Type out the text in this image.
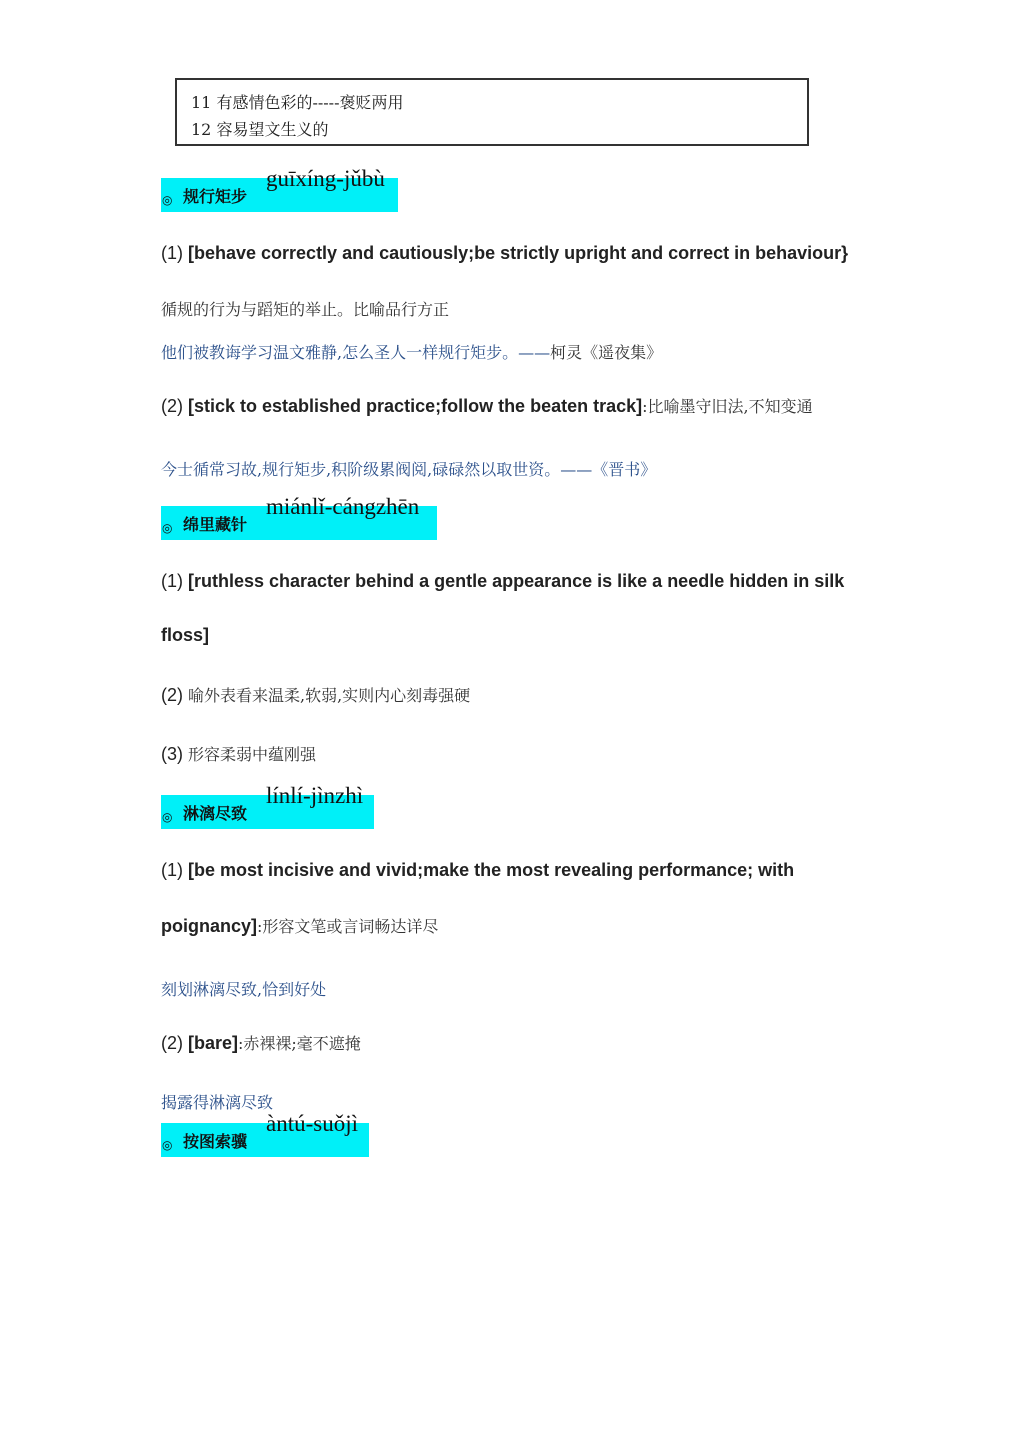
11 有感情色彩的-----褒贬两用
12 容易望文生义的
◎ 规行矩步
guīxíng-jǔbù
(1) [behave correctly and cautiously;be strictly upright and correct in behaviour}
循规的行为与蹈矩的举止。比喻品行方正
他们被教诲学习温文雅静,怎么圣人一样规行矩步。——柯灵《遥夜集》
(2) [stick to established practice;follow the beaten track]:比喻墨守旧法,不知变通
今士循常习故,规行矩步,积阶级累阀阅,碌碌然以取世资。——《晋书》
◎ 绵里藏针
miánlǐ-cángzhēn
(1) [ruthless character behind a gentle appearance is like a needle hidden in silk
floss]
(2) 喻外表看来温柔,软弱,实则内心刻毒强硬
(3) 形容柔弱中蕴刚强
◎ 淋漓尽致
línlí-jìnzhì
(1) [be most incisive and vivid;make the most revealing performance; with
poignancy]:形容文笔或言词畅达详尽
刻划淋漓尽致,恰到好处
(2) [bare]:赤裸裸;毫不遮掩
揭露得淋漓尽致
◎ 按图索骥
àntú-suǒjì
